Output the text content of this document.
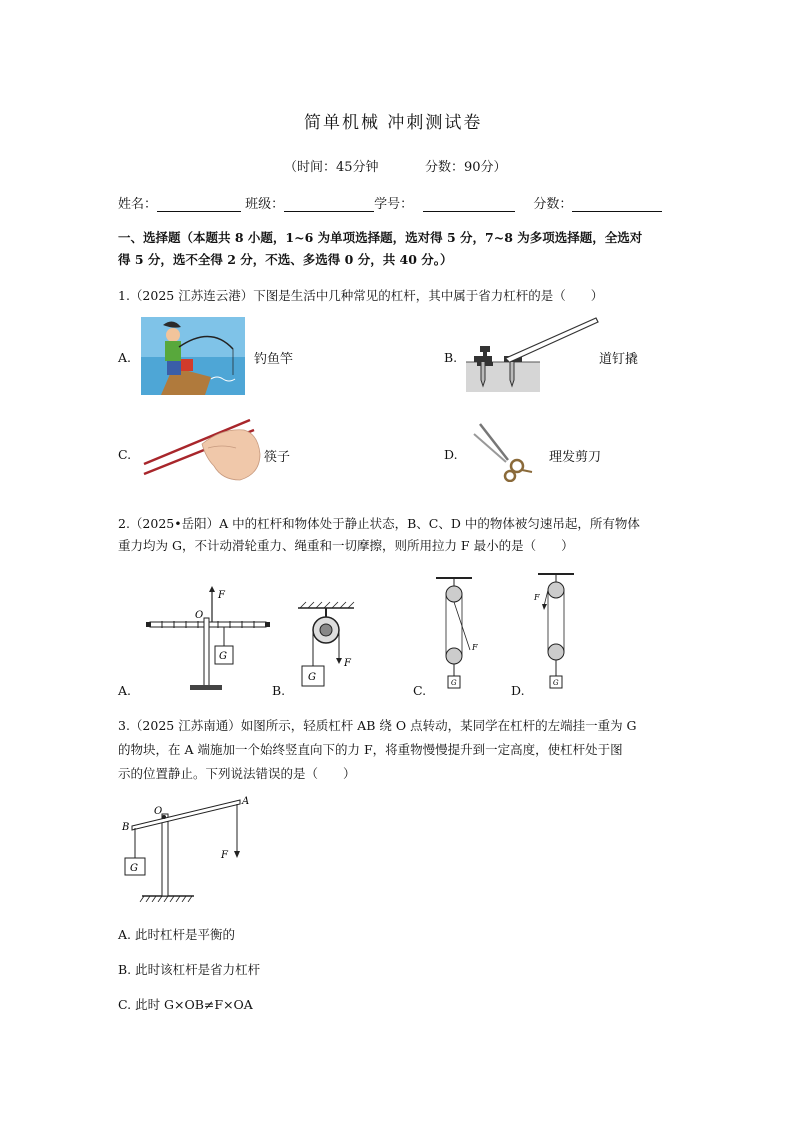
简单机械 冲刺测试卷
（时间：45分钟	分数：90分）
姓名：	班级：	学号：	分数：
一、选择题（本题共 8 小题，1~6 为单项选择题，选对得 5 分，7~8 为多项选择题，全选对
得 5 分，选不全得 2 分，不选、多选得 0 分，共 40 分。）
1.（2025 江苏连云港）下图是生活中几种常见的杠杆，其中属于省力杠杆的是（　　）
A.	钓鱼竿	B.	道钉撬
C.	筷子	D.	理发剪刀
2.（2025•岳阳）A 中的杠杆和物体处于静止状态，B、C、D 中的物体被匀速吊起，所有物体
重力均为 G，不计动滑轮重力、绳重和一切摩擦，则所用拉力 F 最小的是（　　）
A.
F
O
G
B.
F
G
C.
F
G	D.
F
G
3.（2025 江苏南通）如图所示，轻质杠杆 AB 绕 O 点转动，某同学在杠杆的左端挂一重为 G
的物块，在 A 端施加一个始终竖直向下的力 F，将重物慢慢提升到一定高度，使杠杆处于图
示的位置静止。下列说法错误的是（　　）
O
A
B
G
F
A. 此时杠杆是平衡的
B. 此时该杠杆是省力杠杆
C. 此时 G×OB≠F×OA
